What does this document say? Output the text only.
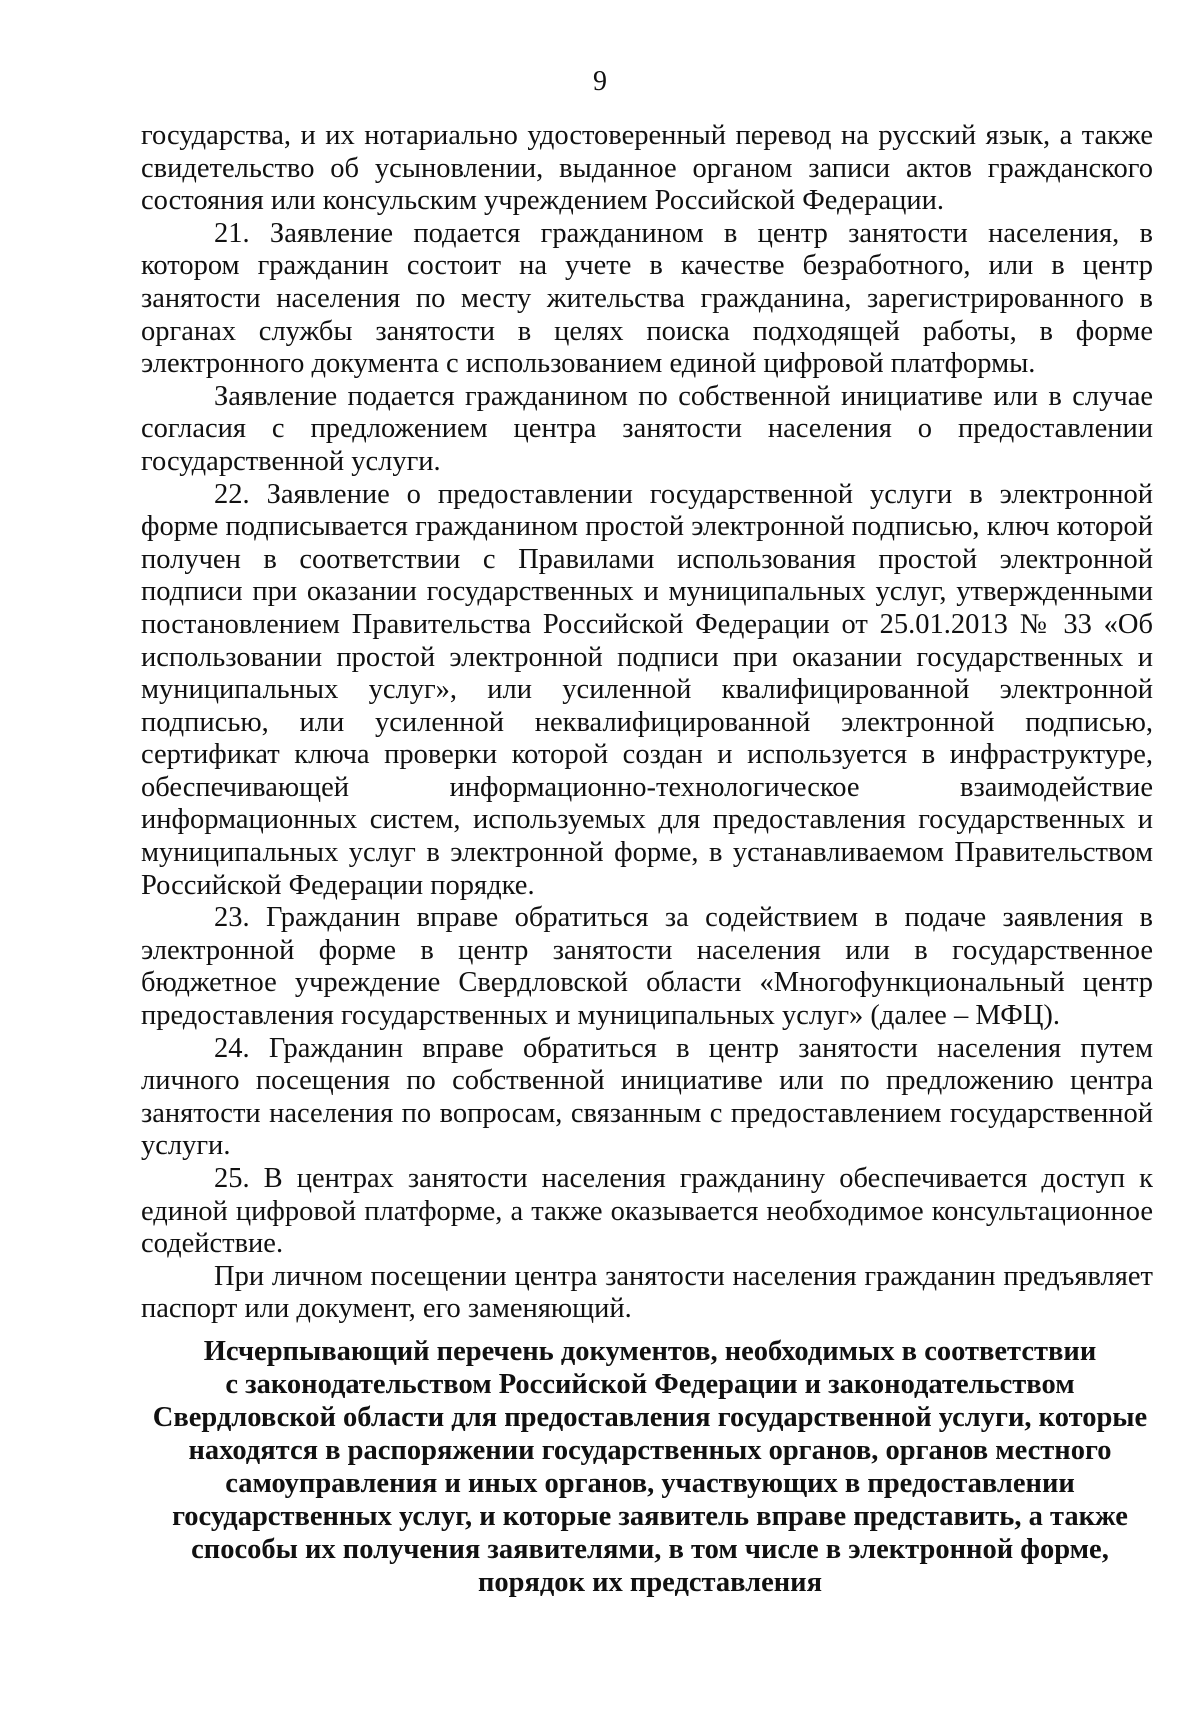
9

государства, и их нотариально удостоверенный перевод на русский язык, а также свидетельство об усыновлении, выданное органом записи актов гражданского состояния или консульским учреждением Российской Федерации.

21. Заявление подается гражданином в центр занятости населения, в котором гражданин состоит на учете в качестве безработного, или в центр занятости населения по месту жительства гражданина, зарегистрированного в органах службы занятости в целях поиска подходящей работы, в форме электронного документа с использованием единой цифровой платформы.

Заявление подается гражданином по собственной инициативе или в случае согласия с предложением центра занятости населения о предоставлении государственной услуги.

22. Заявление о предоставлении государственной услуги в электронной форме подписывается гражданином простой электронной подписью, ключ которой получен в соответствии с Правилами использования простой электронной подписи при оказании государственных и муниципальных услуг, утвержденными постановлением Правительства Российской Федерации от 25.01.2013 № 33 «Об использовании простой электронной подписи при оказании государственных и муниципальных услуг», или усиленной квалифицированной электронной подписью, или усиленной неквалифицированной электронной подписью, сертификат ключа проверки которой создан и используется в инфраструктуре, обеспечивающей информационно-технологическое взаимодействие информационных систем, используемых для предоставления государственных и муниципальных услуг в электронной форме, в устанавливаемом Правительством Российской Федерации порядке.

23. Гражданин вправе обратиться за содействием в подаче заявления в электронной форме в центр занятости населения или в государственное бюджетное учреждение Свердловской области «Многофункциональный центр предоставления государственных и муниципальных услуг» (далее – МФЦ).

24. Гражданин вправе обратиться в центр занятости населения путем личного посещения по собственной инициативе или по предложению центра занятости населения по вопросам, связанным с предоставлением государственной услуги.

25. В центрах занятости населения гражданину обеспечивается доступ к единой цифровой платформе, а также оказывается необходимое консультационное содействие.

При личном посещении центра занятости населения гражданин предъявляет паспорт или документ, его заменяющий.

Исчерпывающий перечень документов, необходимых в соответствии
с законодательством Российской Федерации и законодательством
Свердловской области для предоставления государственной услуги, которые
находятся в распоряжении государственных органов, органов местного
самоуправления и иных органов, участвующих в предоставлении
государственных услуг, и которые заявитель вправе представить, а также
способы их получения заявителями, в том числе в электронной форме,
порядок их представления
